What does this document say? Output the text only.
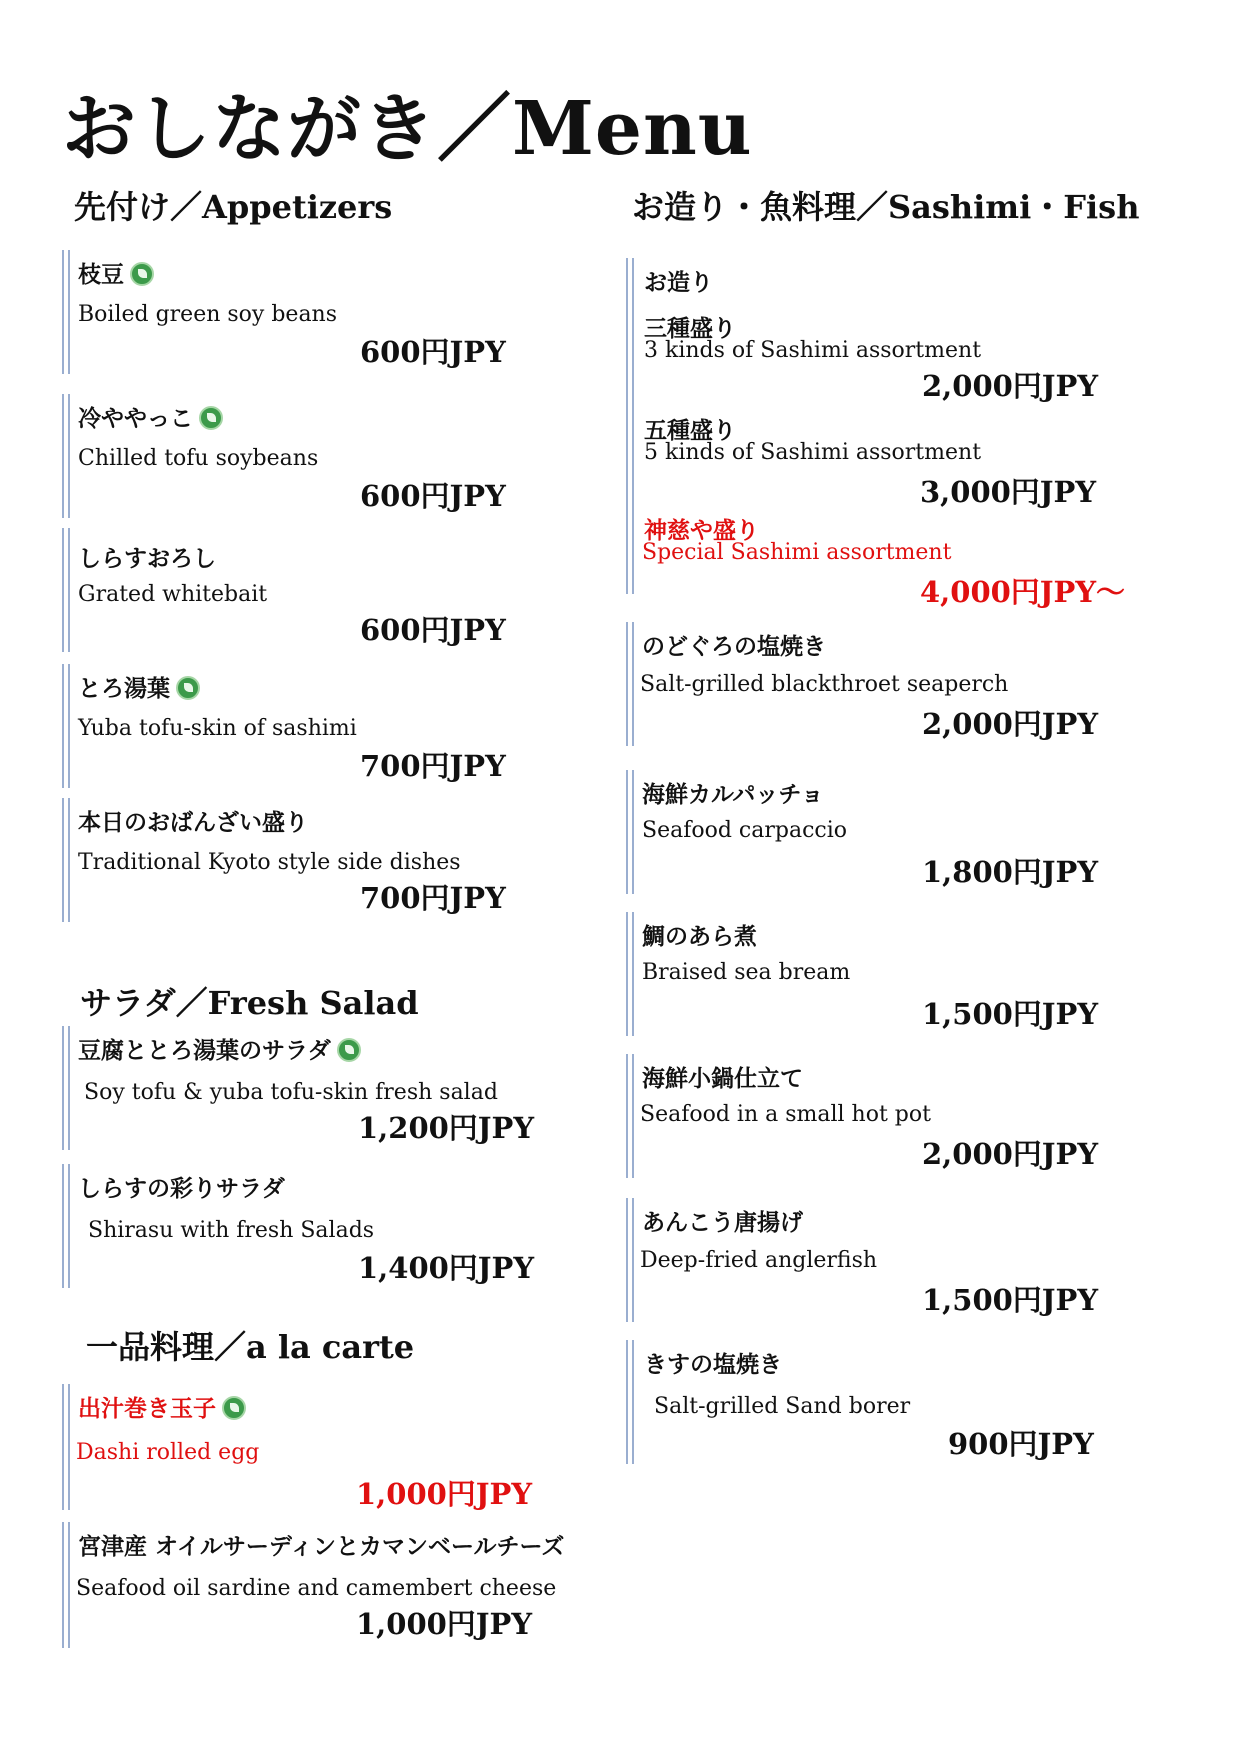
おしながき／Menu
先付け／Appetizers
枝豆
Boiled green soy beans
600円JPY
冷ややっこ
Chilled tofu soybeans
600円JPY
しらすおろし
Grated whitebait
600円JPY
とろ湯葉
Yuba tofu-skin of sashimi
700円JPY
本日のおばんざい盛り
Traditional Kyoto style side dishes
700円JPY
サラダ／Fresh Salad
豆腐ととろ湯葉のサラダ
Soy tofu & yuba tofu-skin fresh salad
1,200円JPY
しらすの彩りサラダ
Shirasu with fresh Salads
1,400円JPY
一品料理／a la carte
出汁巻き玉子
Dashi rolled egg
1,000円JPY
宮津産 オイルサーディンとカマンベールチーズ
Seafood oil sardine and camembert cheese
1,000円JPY
お造り・魚料理／Sashimi・Fish
お造り
三種盛り
3 kinds of Sashimi assortment
2,000円JPY
五種盛り
5 kinds of Sashimi assortment
3,000円JPY
神慈や盛り
Special Sashimi assortment
4,000円JPY～
のどぐろの塩焼き
Salt-grilled blackthroet seaperch
2,000円JPY
海鮮カルパッチョ
Seafood carpaccio
1,800円JPY
鯛のあら煮
Braised sea bream
1,500円JPY
海鮮小鍋仕立て
Seafood in a small hot pot
2,000円JPY
あんこう唐揚げ
Deep-fried anglerfish
1,500円JPY
きすの塩焼き
Salt-grilled Sand borer
900円JPY
